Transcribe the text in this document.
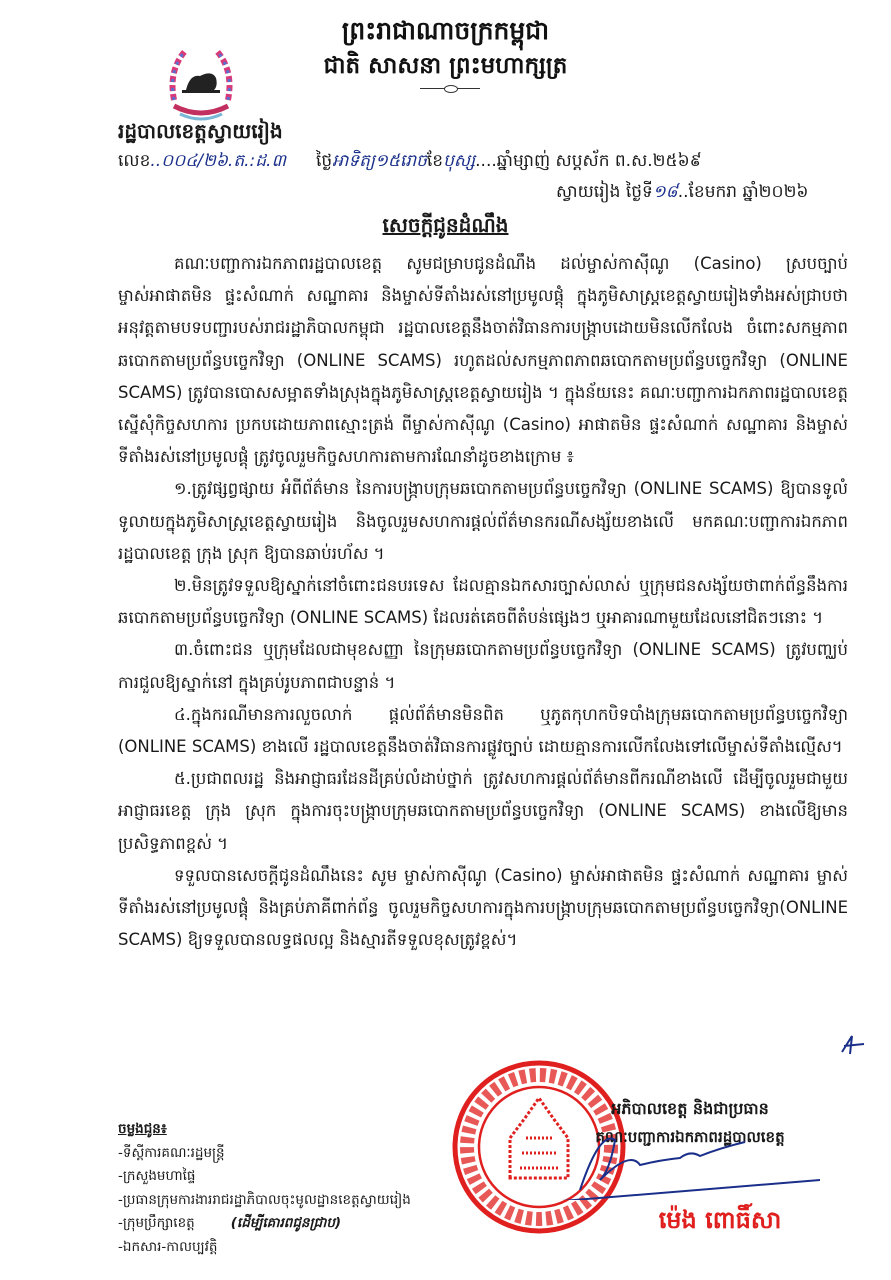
ព្រះរាជាណាចក្រកម្ពុជា
ជាតិ សាសនា ព្រះមហាក្សត្រ
រដ្ឋបាលខេត្តស្វាយរៀង
លេខ..០០៤/២៦.ត.:ដ.៣ ថ្ងៃអាទិត្យ១៥រោចខែបុស្ស....ឆ្នាំម្សាញ់ សប្តស័ក ព.ស.២៥៦៩
ស្វាយរៀង ថ្ងៃទី១៨..ខែមករា ឆ្នាំ២០២៦
សេចក្តីជូនដំណឹង

គណៈបញ្ជាការឯកភាពរដ្ឋបាលខេត្ត សូមជម្រាបជូនដំណឹង ដល់ម្ចាស់កាស៊ីណូ (Casino) ស្របច្បាប់ ម្ចាស់អាផាតមិន ផ្ទះសំណាក់ សណ្ឋាគារ និងម្ចាស់ទីតាំងរស់នៅប្រមូលផ្តុំ ក្នុងភូមិសាស្ត្រខេត្តស្វាយរៀងទាំងអស់ជ្រាបថា អនុវត្តតាមបទបញ្ជារបស់រាជរដ្ឋាភិបាលកម្ពុជា រដ្ឋបាលខេត្តនឹងចាត់វិធានការបង្ក្រាបដោយមិនលើកលែង ចំពោះសកម្មភាពឆបោកតាមប្រព័ន្ធបច្ចេកវិទ្យា (ONLINE SCAMS) រហូតដល់សកម្មភាពភាពឆបោកតាមប្រព័ន្ធបច្ចេកវិទ្យា (ONLINE SCAMS) ត្រូវបានបោសសម្អាតទាំងស្រុងក្នុងភូមិសាស្ត្រខេត្តស្វាយរៀង ។ ក្នុងន័យនេះ គណៈបញ្ជាការឯកភាពរដ្ឋបាលខេត្ត ស្នើសុំកិច្ចសហការ ប្រកបដោយភាពស្មោះត្រង់ ពីម្ចាស់កាស៊ីណូ (Casino) អាផាតមិន ផ្ទះសំណាក់ សណ្ឋាគារ និងម្ចាស់ទីតាំងរស់នៅប្រមូលផ្តុំ ត្រូវចូលរួមកិច្ចសហការតាមការណែនាំដូចខាងក្រោម ៖

១.ត្រូវផ្សព្វផ្សាយ អំពីព័ត៌មាន នៃការបង្ក្រាបក្រុមឆបោកតាមប្រព័ន្ធបច្ចេកវិទ្យា (ONLINE SCAMS) ឱ្យបានទូលំទូលាយក្នុងភូមិសាស្ត្រខេត្តស្វាយរៀង និងចូលរួមសហការផ្តល់ព័ត៌មានករណីសង្ស័យខាងលើ មកគណៈបញ្ជាការឯកភាពរដ្ឋបាលខេត្ត ក្រុង ស្រុក ឱ្យបានឆាប់រហ័ស ។

២.មិនត្រូវទទួលឱ្យស្នាក់នៅចំពោះជនបរទេស ដែលគ្មានឯកសារច្បាស់លាស់ ឬក្រុមជនសង្ស័យថាពាក់ព័ន្ធនឹងការឆបោកតាមប្រព័ន្ធបច្ចេកវិទ្យា (ONLINE SCAMS) ដែលរត់គេចពីតំបន់ផ្សេងៗ ឬអាគារណាមួយដែលនៅជិតៗនោះ ។

៣.ចំពោះជន ឬក្រុមដែលជាមុខសញ្ញា នៃក្រុមឆបោកតាមប្រព័ន្ធបច្ចេកវិទ្យា (ONLINE SCAMS) ត្រូវបញ្ឈប់ការជួលឱ្យស្នាក់នៅ ក្នុងគ្រប់រូបភាពជាបន្ទាន់ ។

៤.ក្នុងករណីមានការលួចលាក់ ផ្តល់ព័ត៌មានមិនពិត ឬភូតកុហកបិទបាំងក្រុមឆបោកតាមប្រព័ន្ធបច្ចេកវិទ្យា (ONLINE SCAMS) ខាងលើ រដ្ឋបាលខេត្តនឹងចាត់វិធានការផ្លូវច្បាប់ ដោយគ្មានការលើកលែងទៅលើម្ចាស់ទីតាំងល្មើស។

៥.ប្រជាពលរដ្ឋ និងអាជ្ញាធរដែនដីគ្រប់លំដាប់ថ្នាក់ ត្រូវសហការផ្តល់ព័ត៌មានពីករណីខាងលើ ដើម្បីចូលរួមជាមួយអាជ្ញាធរខេត្ត ក្រុង ស្រុក ក្នុងការចុះបង្ក្រាបក្រុមឆបោកតាមប្រព័ន្ធបច្ចេកវិទ្យា (ONLINE SCAMS) ខាងលើឱ្យមានប្រសិទ្ធភាពខ្ពស់ ។

ទទួលបានសេចក្តីជូនដំណឹងនេះ សូម ម្ចាស់កាស៊ីណូ (Casino) ម្ចាស់អាផាតមិន ផ្ទះសំណាក់ សណ្ឋាគារ ម្ចាស់ទីតាំងរស់នៅប្រមូលផ្តុំ និងគ្រប់ភាគីពាក់ព័ន្ធ ចូលរួមកិច្ចសហការក្នុងការបង្ក្រាបក្រុមឆបោកតាមប្រព័ន្ធបច្ចេកវិទ្យា(ONLINE SCAMS) ឱ្យទទួលបានលទ្ធផលល្អ និងស្មារតីទទួលខុសត្រូវខ្ពស់។

អភិបាលខេត្ត និងជាប្រធាន
គណៈបញ្ជាការឯកភាពរដ្ឋបាលខេត្ត
ម៉េង ពោធិ៍សា
ចម្លងជូន៖
-ទីស្តីការគណៈរដ្ឋមន្ត្រី
-ក្រសួងមហាផ្ទៃ
-ប្រធានក្រុមការងាររាជរដ្ឋាភិបាលចុះមូលដ្ឋានខេត្តស្វាយរៀង
-ក្រុមប្រឹក្សាខេត្ត	(ដើម្បីគោរពជូនជ្រាប)
-ឯកសារ-កាលប្បវត្តិ
